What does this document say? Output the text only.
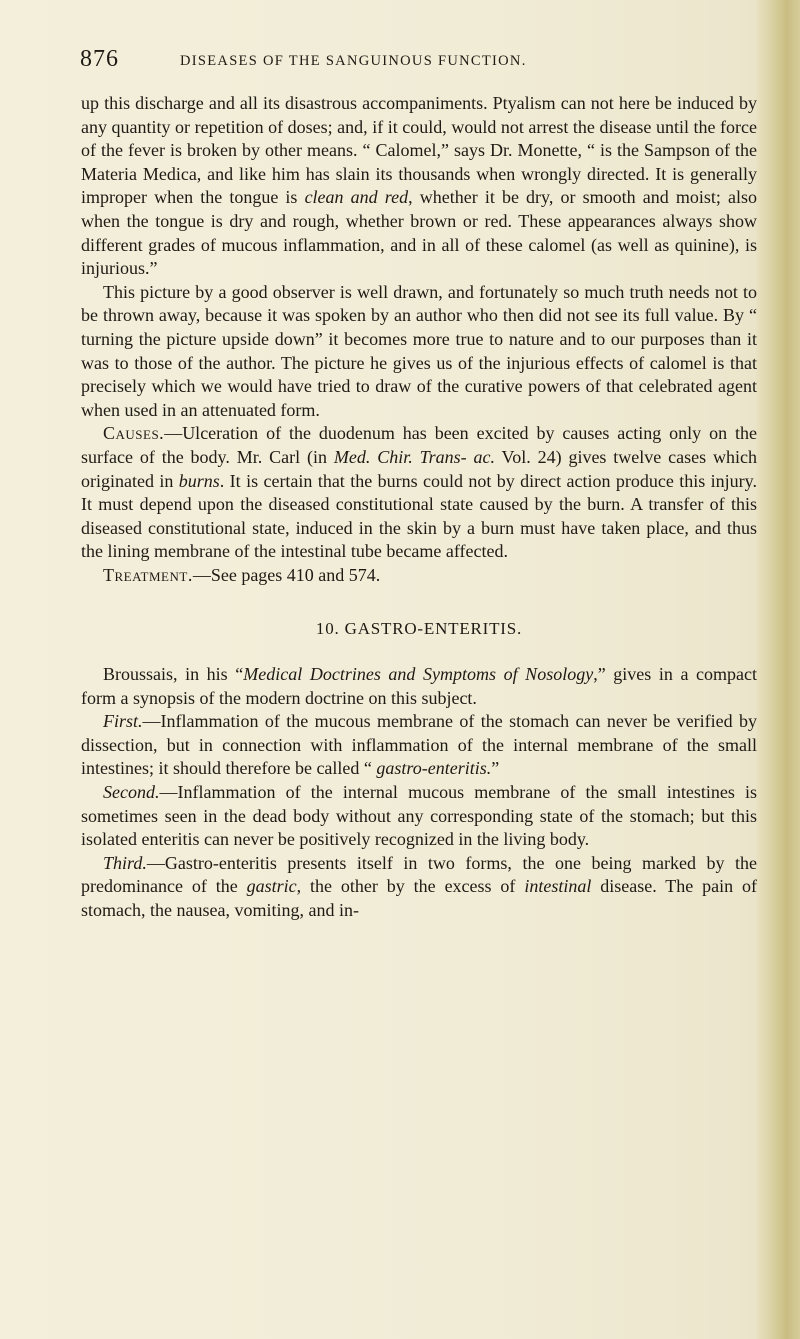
876	DISEASES OF THE SANGUINOUS FUNCTION.

up this discharge and all its disastrous accompaniments. Ptyalism can not here be induced by any quantity or repetition of doses; and, if it could, would not arrest the disease until the force of the fever is broken by other means. “ Calomel,” says Dr. Monette, “ is the Sampson of the Materia Medica, and like him has slain its thousands when wrongly directed. It is generally improper when the tongue is clean and red, whether it be dry, or smooth and moist; also when the tongue is dry and rough, whether brown or red. These appearances always show different grades of mucous inflammation, and in all of these calomel (as well as quinine), is injurious.”

This picture by a good observer is well drawn, and fortunately so much truth needs not to be thrown away, because it was spoken by an author who then did not see its full value. By “ turning the picture upside down” it becomes more true to nature and to our purposes than it was to those of the author. The picture he gives us of the injurious effects of calomel is that precisely which we would have tried to draw of the curative powers of that celebrated agent when used in an attenuated form.

Causes.—Ulceration of the duodenum has been excited by causes acting only on the surface of the body. Mr. Carl (in Med. Chir. Trans- ac. Vol. 24) gives twelve cases which originated in burns. It is certain that the burns could not by direct action produce this injury. It must depend upon the diseased constitutional state caused by the burn. A transfer of this diseased constitutional state, induced in the skin by a burn must have taken place, and thus the lining membrane of the intestinal tube became affected.

Treatment.—See pages 410 and 574.

10. GASTRO-ENTERITIS.

Broussais, in his “Medical Doctrines and Symptoms of Nosology,” gives in a compact form a synopsis of the modern doctrine on this subject.

First.—Inflammation of the mucous membrane of the stomach can never be verified by dissection, but in connection with inflammation of the internal membrane of the small intestines; it should therefore be called “ gastro-enteritis.”

Second.—Inflammation of the internal mucous membrane of the small intestines is sometimes seen in the dead body without any corresponding state of the stomach; but this isolated enteritis can never be positively recognized in the living body.

Third.—Gastro-enteritis presents itself in two forms, the one being marked by the predominance of the gastric, the other by the excess of intestinal disease. The pain of stomach, the nausea, vomiting, and in-
